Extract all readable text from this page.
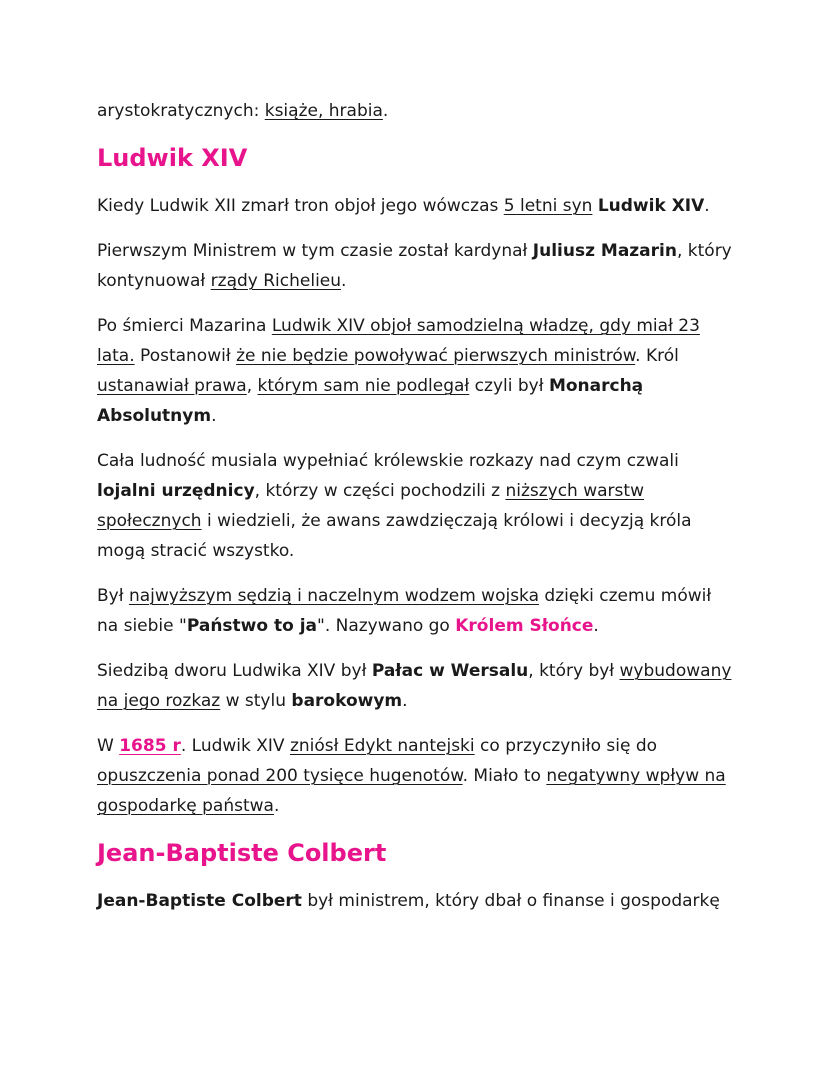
arystokratycznych: książe, hrabia.

Ludwik XIV

Kiedy Ludwik XII zmarł tron objoł jego wówczas 5 letni syn Ludwik XIV.

Pierwszym Ministrem w tym czasie został kardynał Juliusz Mazarin, który kontynuował rządy Richelieu.

Po śmierci Mazarina Ludwik XIV objoł samodzielną władzę, gdy miał 23 lata. Postanowił że nie będzie powoływać pierwszych ministrów. Król ustanawiał prawa, którym sam nie podlegał czyli był Monarchą Absolutnym.

Cała ludność musiala wypełniać królewskie rozkazy nad czym czwali lojalni urzędnicy, którzy w części pochodzili z niższych warstw społecznych i wiedzieli, że awans zawdzięczają królowi i decyzją króla mogą stracić wszystko.

Był najwyższym sędzią i naczelnym wodzem wojska dzięki czemu mówił na siebie "Państwo to ja". Nazywano go Królem Słońce.

Siedzibą dworu Ludwika XIV był Pałac w Wersalu, który był wybudowany na jego rozkaz w stylu barokowym.

W 1685 r. Ludwik XIV zniósł Edykt nantejski co przyczyniło się do opuszczenia ponad 200 tysięce hugenotów. Miało to negatywny wpływ na gospodarkę państwa.

Jean-Baptiste Colbert

Jean-Baptiste Colbert był ministrem, który dbał o finanse i gospodarkę
